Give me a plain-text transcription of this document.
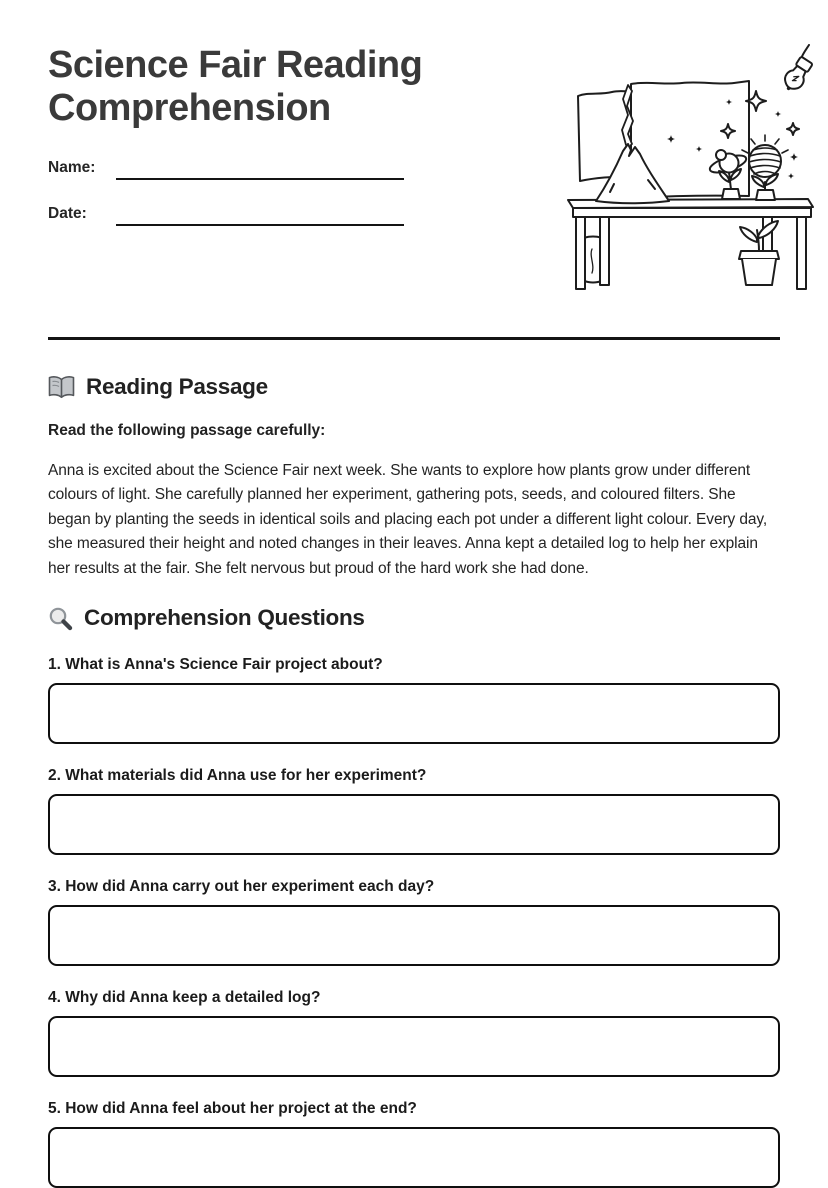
Science Fair Reading Comprehension
Name:
Date:
Reading Passage

Read the following passage carefully:

Anna is excited about the Science Fair next week. She wants to explore how plants grow under different colours of light. She carefully planned her experiment, gathering pots, seeds, and coloured filters. She began by planting the seeds in identical soils and placing each pot under a different light colour. Every day, she measured their height and noted changes in their leaves. Anna kept a detailed log to help her explain her results at the fair. She felt nervous but proud of the hard work she had done.

Comprehension Questions

1. What is Anna's Science Fair project about?

2. What materials did Anna use for her experiment?

3. How did Anna carry out her experiment each day?

4. Why did Anna keep a detailed log?

5. How did Anna feel about her project at the end?
